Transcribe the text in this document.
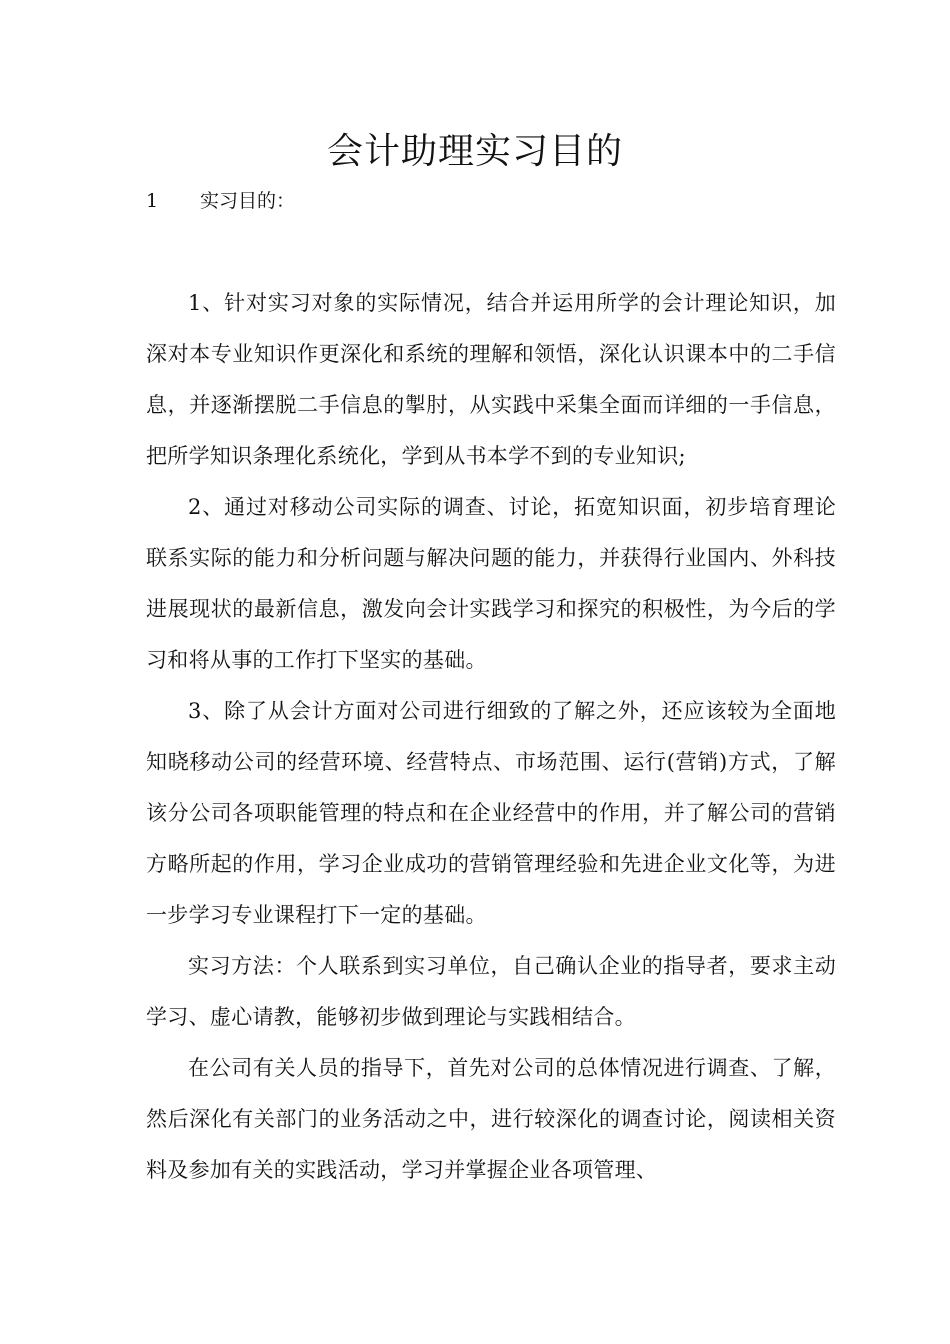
会计助理实习目的
1 实习目的：

1、针对实习对象的实际情况，结合并运用所学的会计理论知识，加深对本专业知识作更深化和系统的理解和领悟，深化认识课本中的二手信息，并逐渐摆脱二手信息的掣肘，从实践中采集全面而详细的一手信息，把所学知识条理化系统化，学到从书本学不到的专业知识;

2、通过对移动公司实际的调查、讨论，拓宽知识面，初步培育理论联系实际的能力和分析问题与解决问题的能力，并获得行业国内、外科技进展现状的最新信息，激发向会计实践学习和探究的积极性，为今后的学习和将从事的工作打下坚实的基础。

3、除了从会计方面对公司进行细致的了解之外，还应该较为全面地知晓移动公司的经营环境、经营特点、市场范围、运行(营销)方式，了解该分公司各项职能管理的特点和在企业经营中的作用，并了解公司的营销方略所起的作用，学习企业成功的营销管理经验和先进企业文化等，为进一步学习专业课程打下一定的基础。

实习方法：个人联系到实习单位，自己确认企业的指导者，要求主动学习、虚心请教，能够初步做到理论与实践相结合。

在公司有关人员的指导下，首先对公司的总体情况进行调查、了解，然后深化有关部门的业务活动之中，进行较深化的调查讨论，阅读相关资料及参加有关的实践活动，学习并掌握企业各项管理、
